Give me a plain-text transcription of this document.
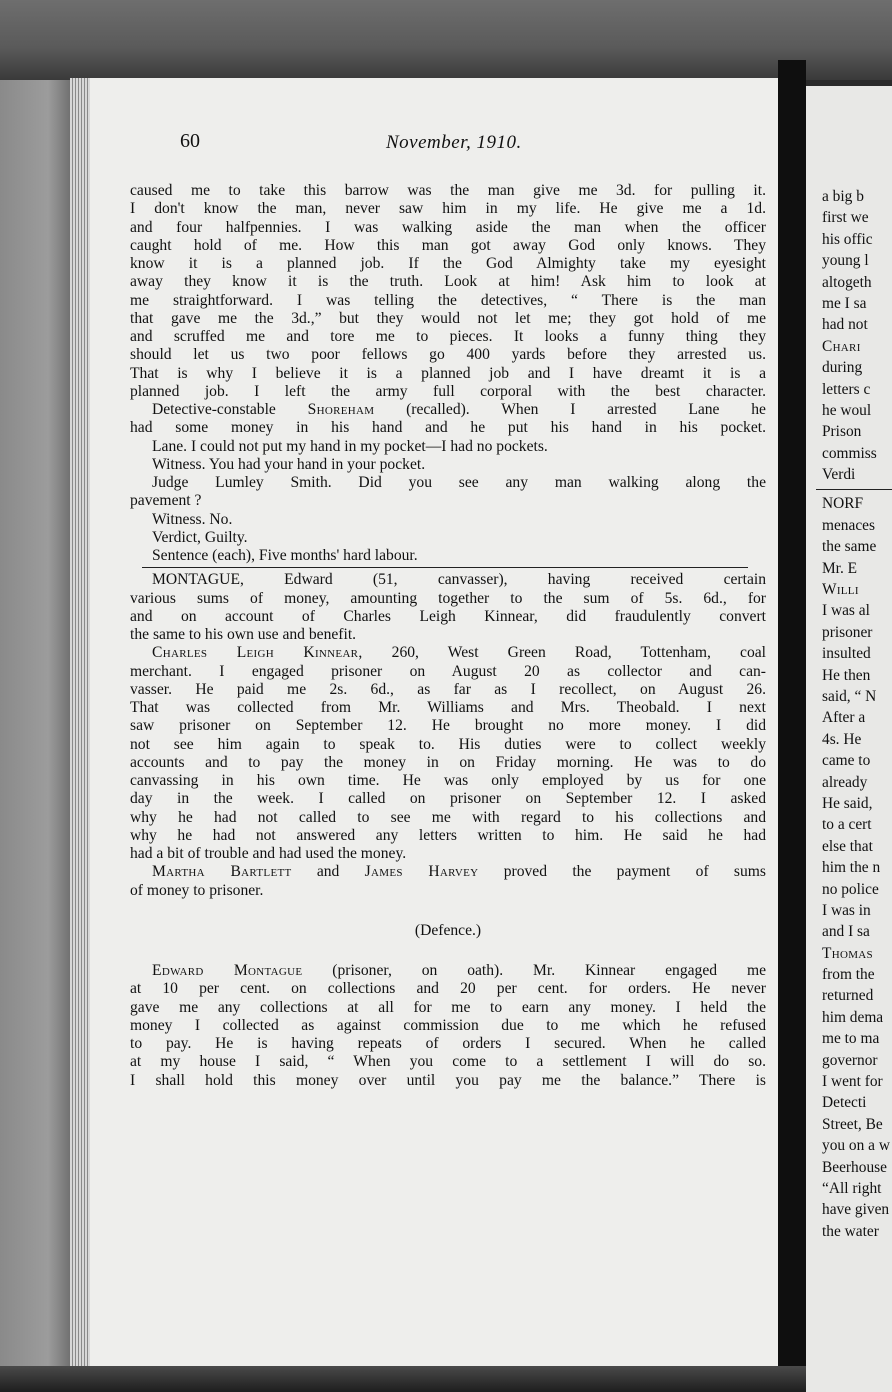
60	November, 1910.
caused me to take this barrow was the man give me 3d. for pulling it.
I don't know the man, never saw him in my life. He give me a 1d.
and four halfpennies. I was walking aside the man when the officer
caught hold of me. How this man got away God only knows. They
know it is a planned job. If the God Almighty take my eyesight
away they know it is the truth. Look at him! Ask him to look at
me straightforward. I was telling the detectives, “ There is the man
that gave me the 3d.,” but they would not let me; they got hold of me
and scruffed me and tore me to pieces. It looks a funny thing they
should let us two poor fellows go 400 yards before they arrested us.
That is why I believe it is a planned job and I have dreamt it is a
planned job. I left the army full corporal with the best character.
Detective-constable Shoreham (recalled). When I arrested Lane he
had some money in his hand and he put his hand in his pocket.
Lane. I could not put my hand in my pocket—I had no pockets.
Witness. You had your hand in your pocket.
Judge Lumley Smith. Did you see any man walking along the
pavement ?
Witness. No.
Verdict, Guilty.
Sentence (each), Five months' hard labour.
MONTAGUE, Edward (51, canvasser), having received certain
various sums of money, amounting together to the sum of 5s. 6d., for
and on account of Charles Leigh Kinnear, did fraudulently convert
the same to his own use and benefit.
Charles Leigh Kinnear, 260, West Green Road, Tottenham, coal
merchant. I engaged prisoner on August 20 as collector and can-
vasser. He paid me 2s. 6d., as far as I recollect, on August 26.
That was collected from Mr. Williams and Mrs. Theobald. I next
saw prisoner on September 12. He brought no more money. I did
not see him again to speak to. His duties were to collect weekly
accounts and to pay the money in on Friday morning. He was to do
canvassing in his own time. He was only employed by us for one
day in the week. I called on prisoner on September 12. I asked
why he had not called to see me with regard to his collections and
why he had not answered any letters written to him. He said he had
had a bit of trouble and had used the money.
Martha Bartlett and James Harvey proved the payment of sums
of money to prisoner.
(Defence.)
Edward Montague (prisoner, on oath). Mr. Kinnear engaged me
at 10 per cent. on collections and 20 per cent. for orders. He never
gave me any collections at all for me to earn any money. I held the
money I collected as against commission due to me which he refused
to pay. He is having repeats of orders I secured. When he called
at my house I said, “ When you come to a settlement I will do so.
I shall hold this money over until you pay me the balance.” There is
a big b
first we
his offic
young l
altogeth
me I sa
had not
Chari
during
letters c
he woul
Prison
commiss
Verdi
NORF
menaces
the same
Mr. E
Willi
I was al
prisoner
insulted
He then
said, “ N
After a
4s. He
came to
already
He said,
to a cert
else that
him the n
no police
I was in
and I sa
Thomas
from the
returned
him dema
me to ma
governor
I went for
Detecti
Street, Be
you on a w
Beerhouse
“All right
have given
the water
